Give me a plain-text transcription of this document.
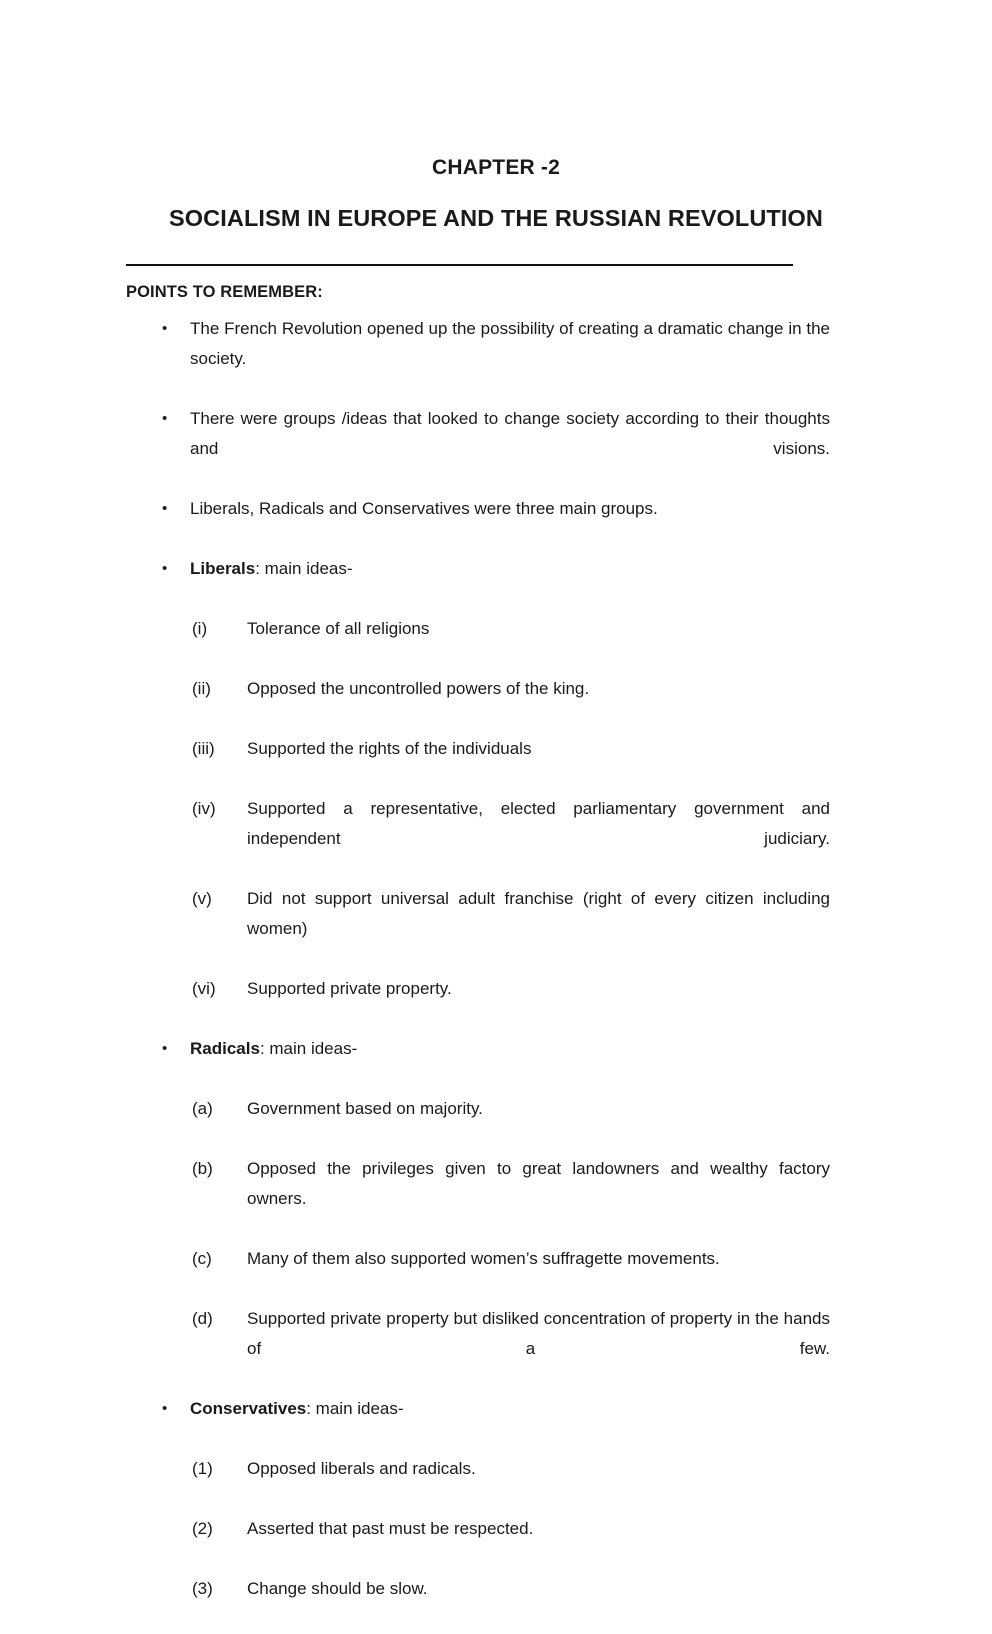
CHAPTER -2
SOCIALISM IN EUROPE AND THE RUSSIAN REVOLUTION
POINTS TO REMEMBER:
• The French Revolution opened up the possibility of creating a dramatic change in the society.
• There were groups /ideas that looked to change society according to their thoughts and visions.
• Liberals, Radicals and Conservatives were three main groups.
• Liberals: main ideas-
(i) Tolerance of all religions
(ii) Opposed the uncontrolled powers of the king.
(iii) Supported the rights of the individuals
(iv) Supported a representative, elected parliamentary government and independent judiciary.
(v) Did not support universal adult franchise (right of every citizen including women)
(vi) Supported private property.
• Radicals: main ideas-
(a) Government based on majority.
(b) Opposed the privileges given to great landowners and wealthy factory owners.
(c) Many of them also supported women’s suffragette movements.
(d) Supported private property but disliked concentration of property in the hands of a few.
• Conservatives: main ideas-
(1) Opposed liberals and radicals.
(2) Asserted that past must be respected.
(3) Change should be slow.
